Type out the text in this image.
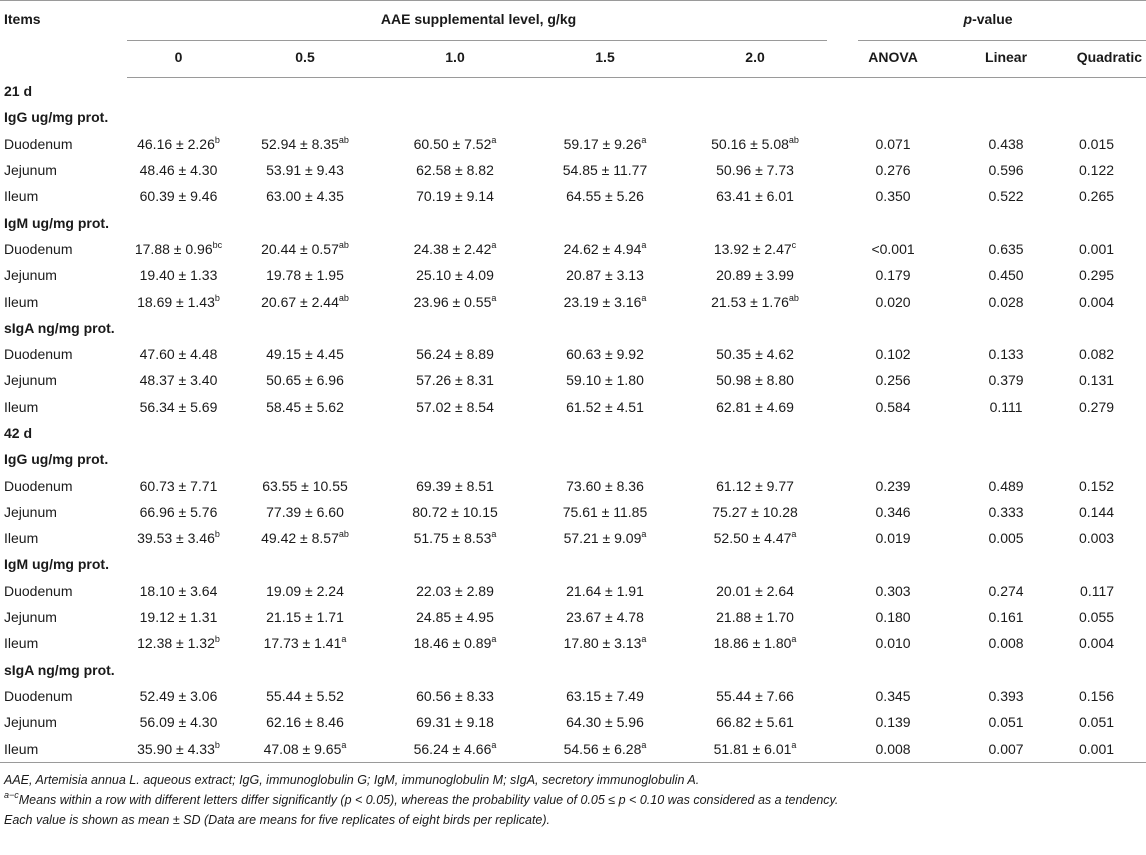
Items	AAE supplemental level, g/kg					p-value		
	0	0.5	1.0	1.5	2.0	ANOVA	Linear	Quadratic
21 d								
IgG ug/mg prot.								
Duodenum	46.16 ± 2.26$^b$	52.94 ± 8.35$^{ab}$	60.50 ± 7.52$^a$	59.17 ± 9.26$^a$	50.16 ± 5.08$^{ab}$	0.071	0.438	0.015
Jejunum	48.46 ± 4.30	53.91 ± 9.43	62.58 ± 8.82	54.85 ± 11.77	50.96 ± 7.73	0.276	0.596	0.122
Ileum	60.39 ± 9.46	63.00 ± 4.35	70.19 ± 9.14	64.55 ± 5.26	63.41 ± 6.01	0.350	0.522	0.265
IgM ug/mg prot.								
Duodenum	17.88 ± 0.96$^{bc}$	20.44 ± 0.57$^{ab}$	24.38 ± 2.42$^a$	24.62 ± 4.94$^a$	13.92 ± 2.47$^c$	<0.001	0.635	0.001
Jejunum	19.40 ± 1.33	19.78 ± 1.95	25.10 ± 4.09	20.87 ± 3.13	20.89 ± 3.99	0.179	0.450	0.295
Ileum	18.69 ± 1.43$^b$	20.67 ± 2.44$^{ab}$	23.96 ± 0.55$^a$	23.19 ± 3.16$^a$	21.53 ± 1.76$^{ab}$	0.020	0.028	0.004
sIgA ng/mg prot.								
Duodenum	47.60 ± 4.48	49.15 ± 4.45	56.24 ± 8.89	60.63 ± 9.92	50.35 ± 4.62	0.102	0.133	0.082
Jejunum	48.37 ± 3.40	50.65 ± 6.96	57.26 ± 8.31	59.10 ± 1.80	50.98 ± 8.80	0.256	0.379	0.131
Ileum	56.34 ± 5.69	58.45 ± 5.62	57.02 ± 8.54	61.52 ± 4.51	62.81 ± 4.69	0.584	0.111	0.279
42 d								
IgG ug/mg prot.								
Duodenum	60.73 ± 7.71	63.55 ± 10.55	69.39 ± 8.51	73.60 ± 8.36	61.12 ± 9.77	0.239	0.489	0.152
Jejunum	66.96 ± 5.76	77.39 ± 6.60	80.72 ± 10.15	75.61 ± 11.85	75.27 ± 10.28	0.346	0.333	0.144
Ileum	39.53 ± 3.46$^b$	49.42 ± 8.57$^{ab}$	51.75 ± 8.53$^a$	57.21 ± 9.09$^a$	52.50 ± 4.47$^a$	0.019	0.005	0.003
IgM ug/mg prot.								
Duodenum	18.10 ± 3.64	19.09 ± 2.24	22.03 ± 2.89	21.64 ± 1.91	20.01 ± 2.64	0.303	0.274	0.117
Jejunum	19.12 ± 1.31	21.15 ± 1.71	24.85 ± 4.95	23.67 ± 4.78	21.88 ± 1.70	0.180	0.161	0.055
Ileum	12.38 ± 1.32$^b$	17.73 ± 1.41$^a$	18.46 ± 0.89$^a$	17.80 ± 3.13$^a$	18.86 ± 1.80$^a$	0.010	0.008	0.004
sIgA ng/mg prot.								
Duodenum	52.49 ± 3.06	55.44 ± 5.52	60.56 ± 8.33	63.15 ± 7.49	55.44 ± 7.66	0.345	0.393	0.156
Jejunum	56.09 ± 4.30	62.16 ± 8.46	69.31 ± 9.18	64.30 ± 5.96	66.82 ± 5.61	0.139	0.051	0.051
Ileum	35.90 ± 4.33$^b$	47.08 ± 9.65$^a$	56.24 ± 4.66$^a$	54.56 ± 6.28$^a$	51.81 ± 6.01$^a$	0.008	0.007	0.001
AAE, Artemisia annua L. aqueous extract; IgG, immunoglobulin G; IgM, immunoglobulin M; sIgA, secretory immunoglobulin A.
$^{a-c}$Means within a row with different letters differ significantly (p < 0.05), whereas the probability value of 0.05 ≤ p < 0.10 was considered as a tendency.
Each value is shown as mean ± SD (Data are means for five replicates of eight birds per replicate).
